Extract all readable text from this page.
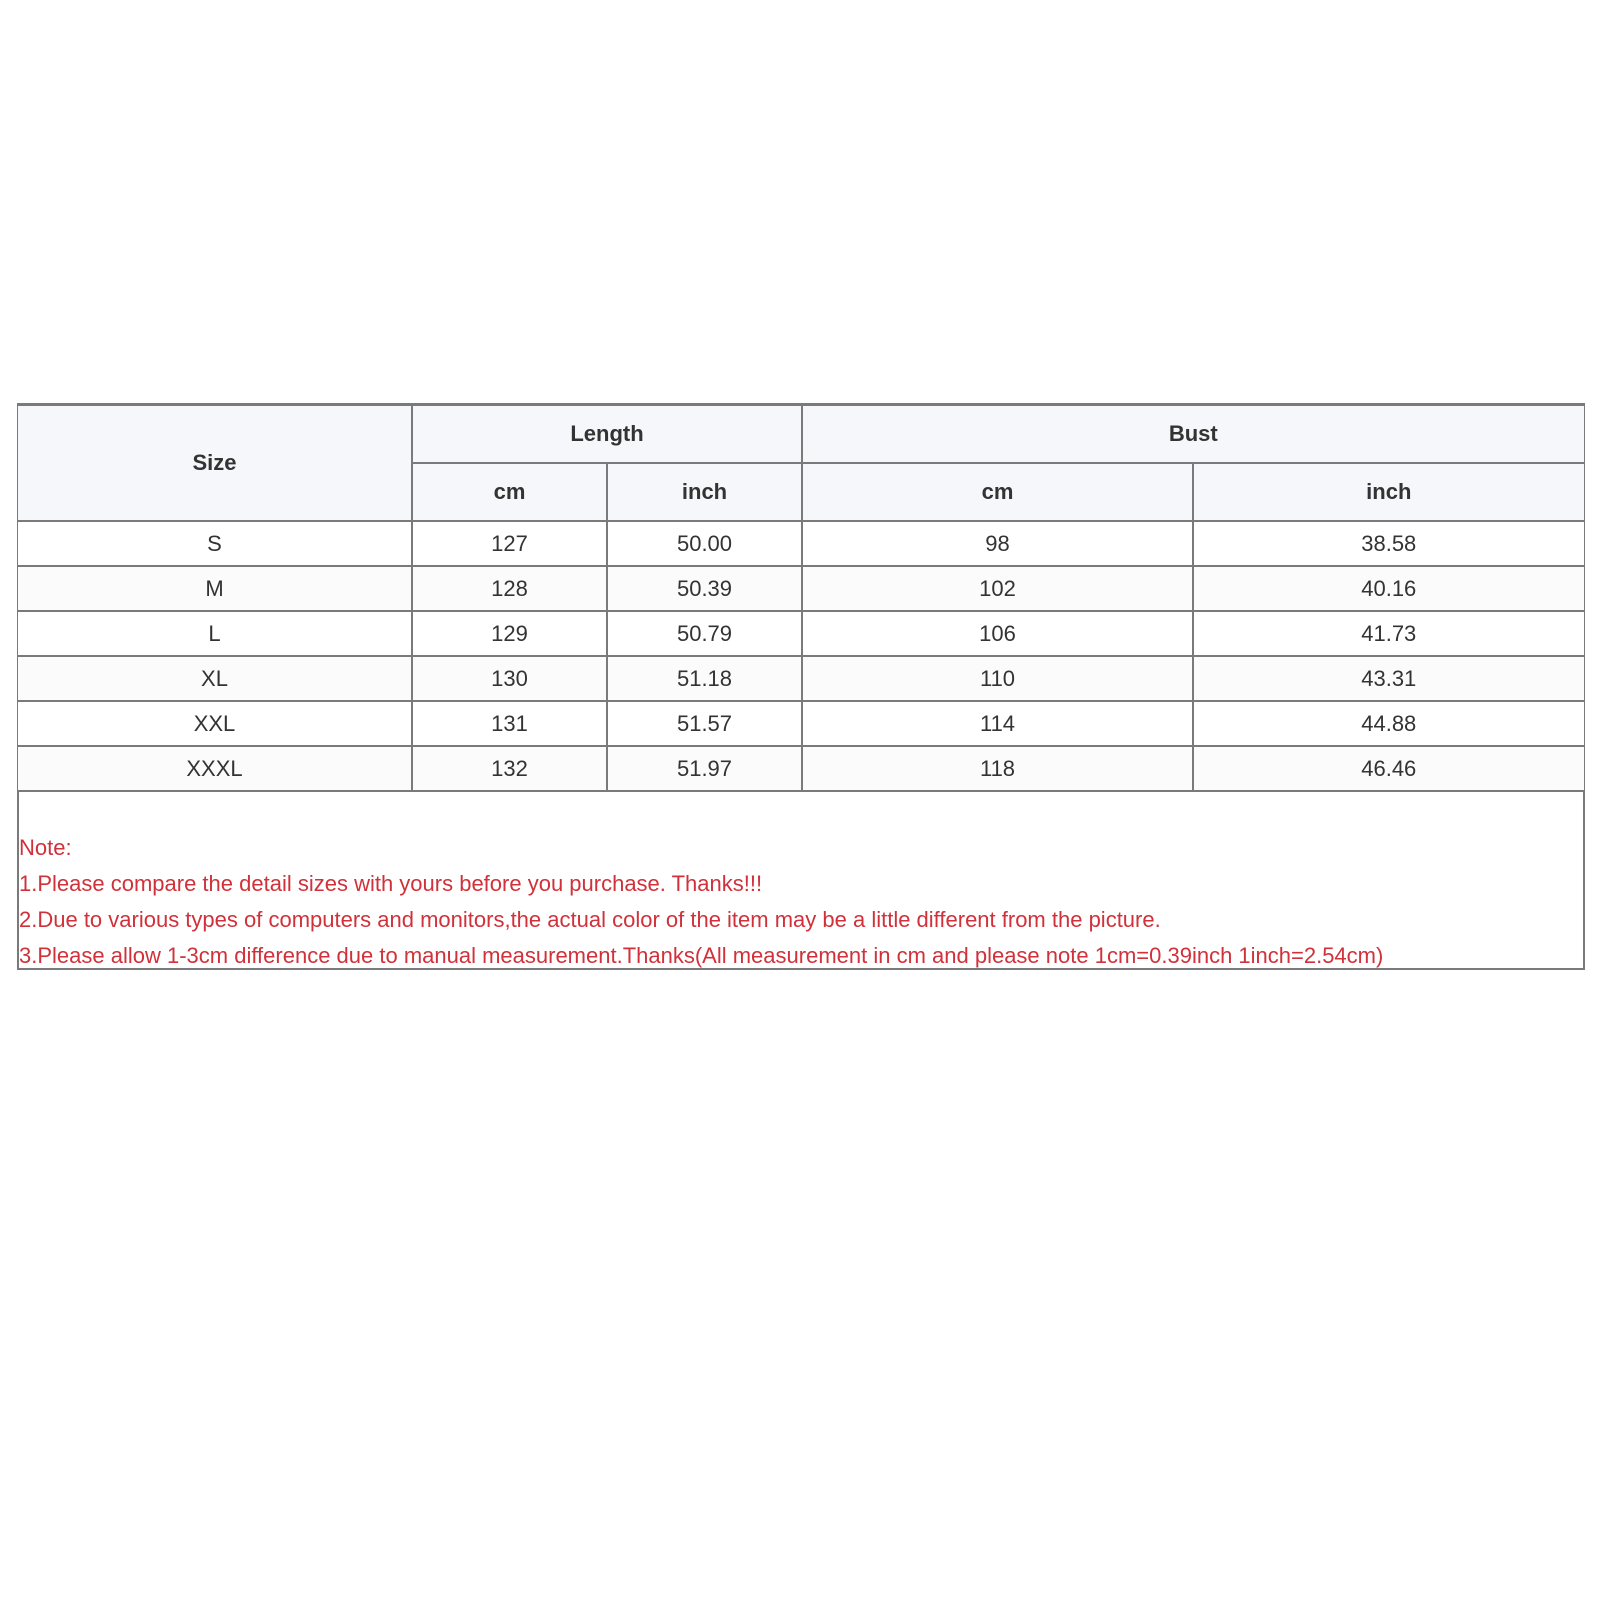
Size	Length		Bust	
	cm	inch	cm	inch
S	127	50.00	98	38.58
M	128	50.39	102	40.16
L	129	50.79	106	41.73
XL	130	51.18	110	43.31
XXL	131	51.57	114	44.88
XXXL	132	51.97	118	46.46
Note:
1.Please compare the detail sizes with yours before you purchase. Thanks!!!
2.Due to various types of computers and monitors,the actual color of the item may be a little different from the picture.
3.Please allow 1-3cm difference due to manual measurement.Thanks(All measurement in cm and please note 1cm=0.39inch 1inch=2.54cm)
